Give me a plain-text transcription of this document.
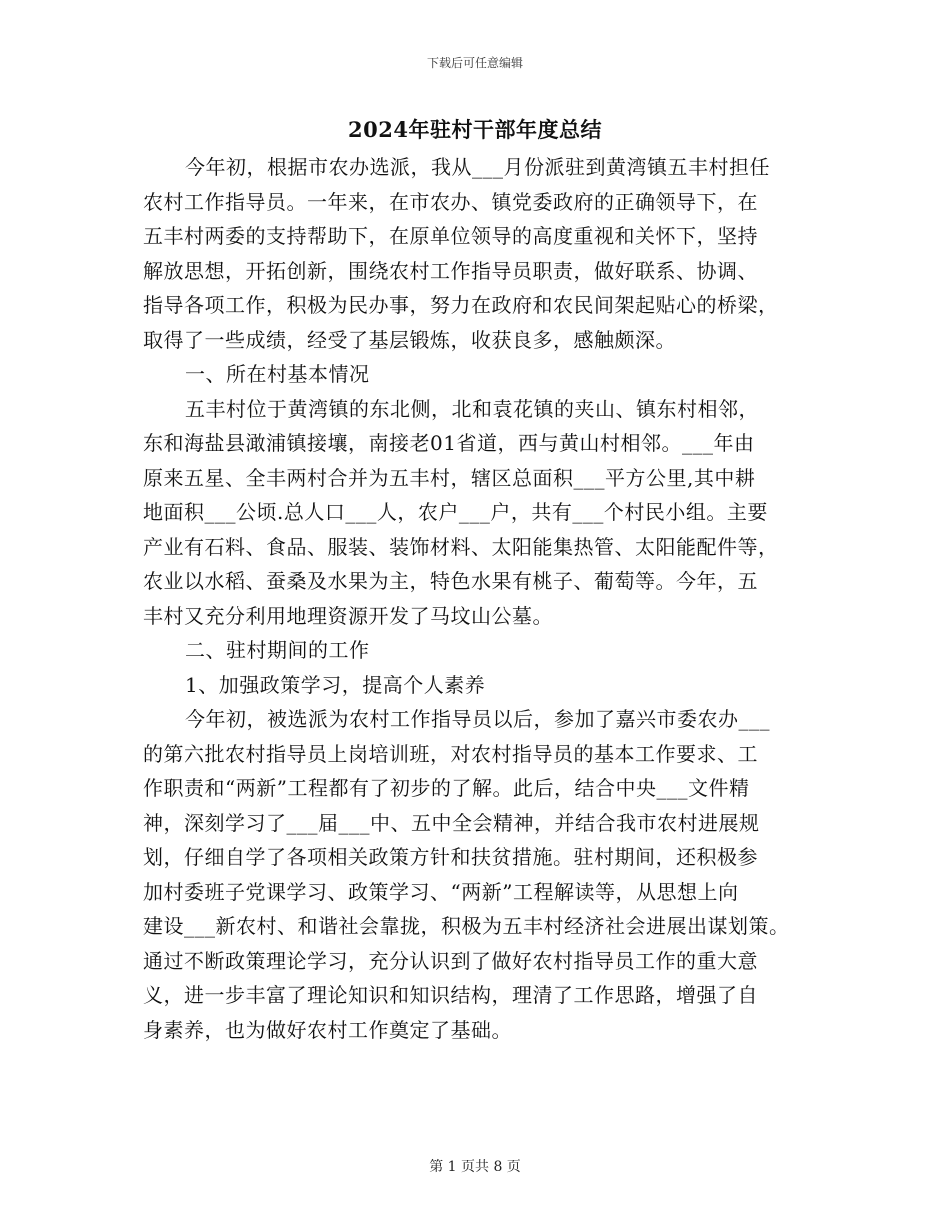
下载后可任意编辑
2024年驻村干部年度总结
今年初，根据市农办选派，我从___月份派驻到黄湾镇五丰村担任
农村工作指导员。一年来，在市农办、镇党委政府的正确领导下，在
五丰村两委的支持帮助下，在原单位领导的高度重视和关怀下，坚持
解放思想，开拓创新，围绕农村工作指导员职责，做好联系、协调、
指导各项工作，积极为民办事，努力在政府和农民间架起贴心的桥梁，
取得了一些成绩，经受了基层锻炼，收获良多，感触颇深。
一、所在村基本情况
五丰村位于黄湾镇的东北侧，北和袁花镇的夹山、镇东村相邻，
东和海盐县澉浦镇接壤，南接老01省道，西与黄山村相邻。___年由
原来五星、全丰两村合并为五丰村，辖区总面积___平方公里,其中耕
地面积___公顷.总人口___人，农户___户，共有___个村民小组。主要
产业有石料、食品、服装、装饰材料、太阳能集热管、太阳能配件等，
农业以水稻、蚕桑及水果为主，特色水果有桃子、葡萄等。今年，五
丰村又充分利用地理资源开发了马坟山公墓。
二、驻村期间的工作
1、加强政策学习，提高个人素养
今年初，被选派为农村工作指导员以后，参加了嘉兴市委农办___
的第六批农村指导员上岗培训班，对农村指导员的基本工作要求、工
作职责和“两新”工程都有了初步的了解。此后，结合中央___文件精
神，深刻学习了___届___中、五中全会精神，并结合我市农村进展规
划，仔细自学了各项相关政策方针和扶贫措施。驻村期间，还积极参
加村委班子党课学习、政策学习、“两新”工程解读等，从思想上向
建设___新农村、和谐社会靠拢，积极为五丰村经济社会进展出谋划策。
通过不断政策理论学习，充分认识到了做好农村指导员工作的重大意
义，进一步丰富了理论知识和知识结构，理清了工作思路，增强了自
身素养，也为做好农村工作奠定了基础。
第 1 页共 8 页
